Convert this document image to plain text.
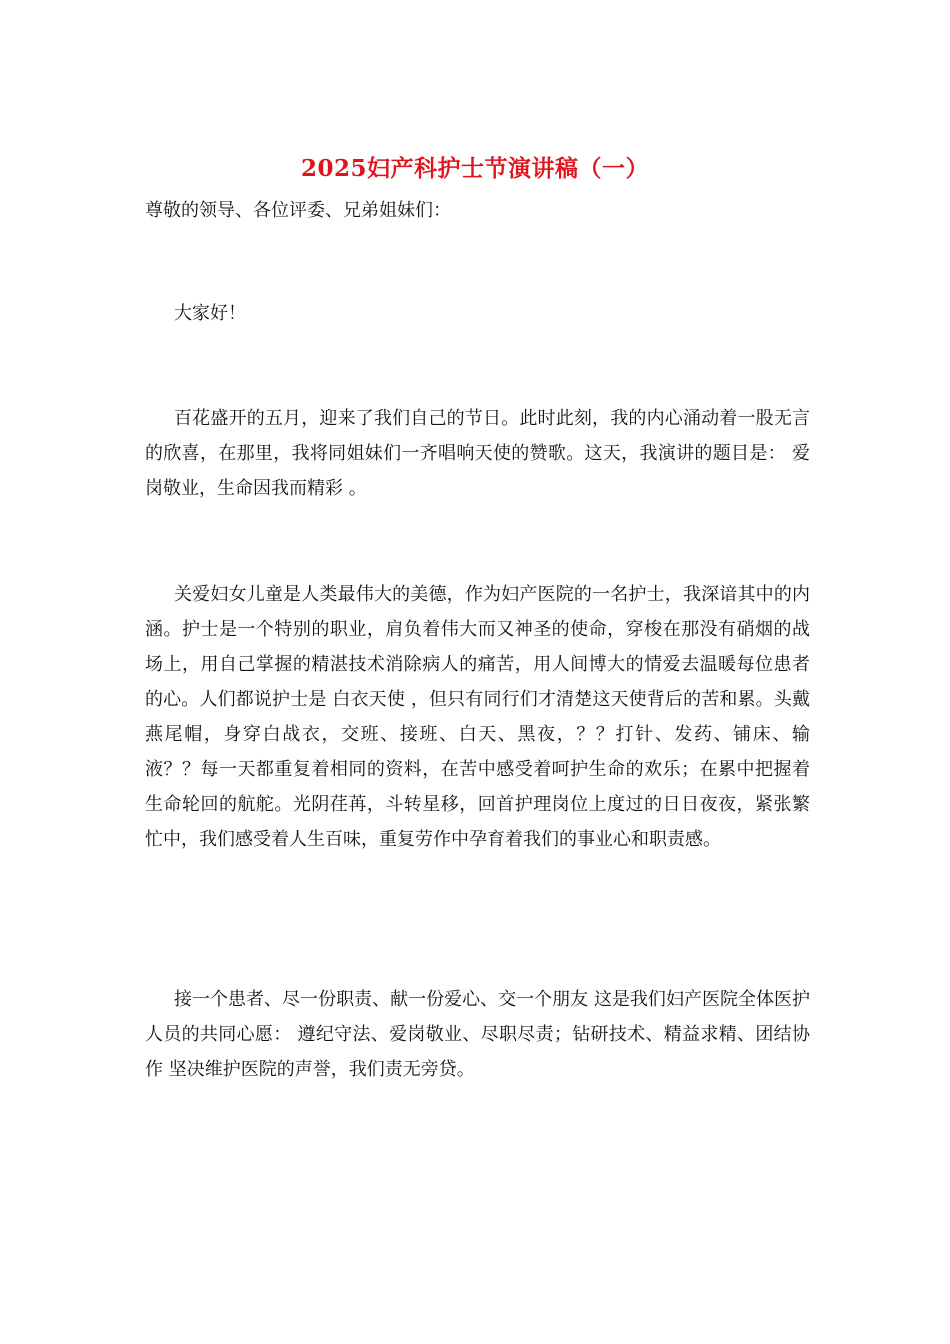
2025妇产科护士节演讲稿（一）

尊敬的领导、各位评委、兄弟姐妹们：

大家好！

百花盛开的五月，迎来了我们自己的节日。此时此刻，我的内心涌动着一股无言的欣喜，在那里，我将同姐妹们一齐唱响天使的赞歌。这天，我演讲的题目是： 爱岗敬业，生命因我而精彩 。

关爱妇女儿童是人类最伟大的美德，作为妇产医院的一名护士，我深谙其中的内涵。护士是一个特别的职业，肩负着伟大而又神圣的使命，穿梭在那没有硝烟的战场上，用自己掌握的精湛技术消除病人的痛苦，用人间博大的情爱去温暖每位患者的心。人们都说护士是 白衣天使 ，但只有同行们才清楚这天使背后的苦和累。头戴燕尾帽，身穿白战衣，交班、接班、白天、黑夜，？？打针、发药、铺床、输液？？每一天都重复着相同的资料，在苦中感受着呵护生命的欢乐；在累中把握着生命轮回的航舵。光阴荏苒，斗转星移，回首护理岗位上度过的日日夜夜，紧张繁忙中，我们感受着人生百味，重复劳作中孕育着我们的事业心和职责感。

接一个患者、尽一份职责、献一份爱心、交一个朋友 这是我们妇产医院全体医护人员的共同心愿： 遵纪守法、爱岗敬业、尽职尽责；钻研技术、精益求精、团结协作 坚决维护医院的声誉，我们责无旁贷。
